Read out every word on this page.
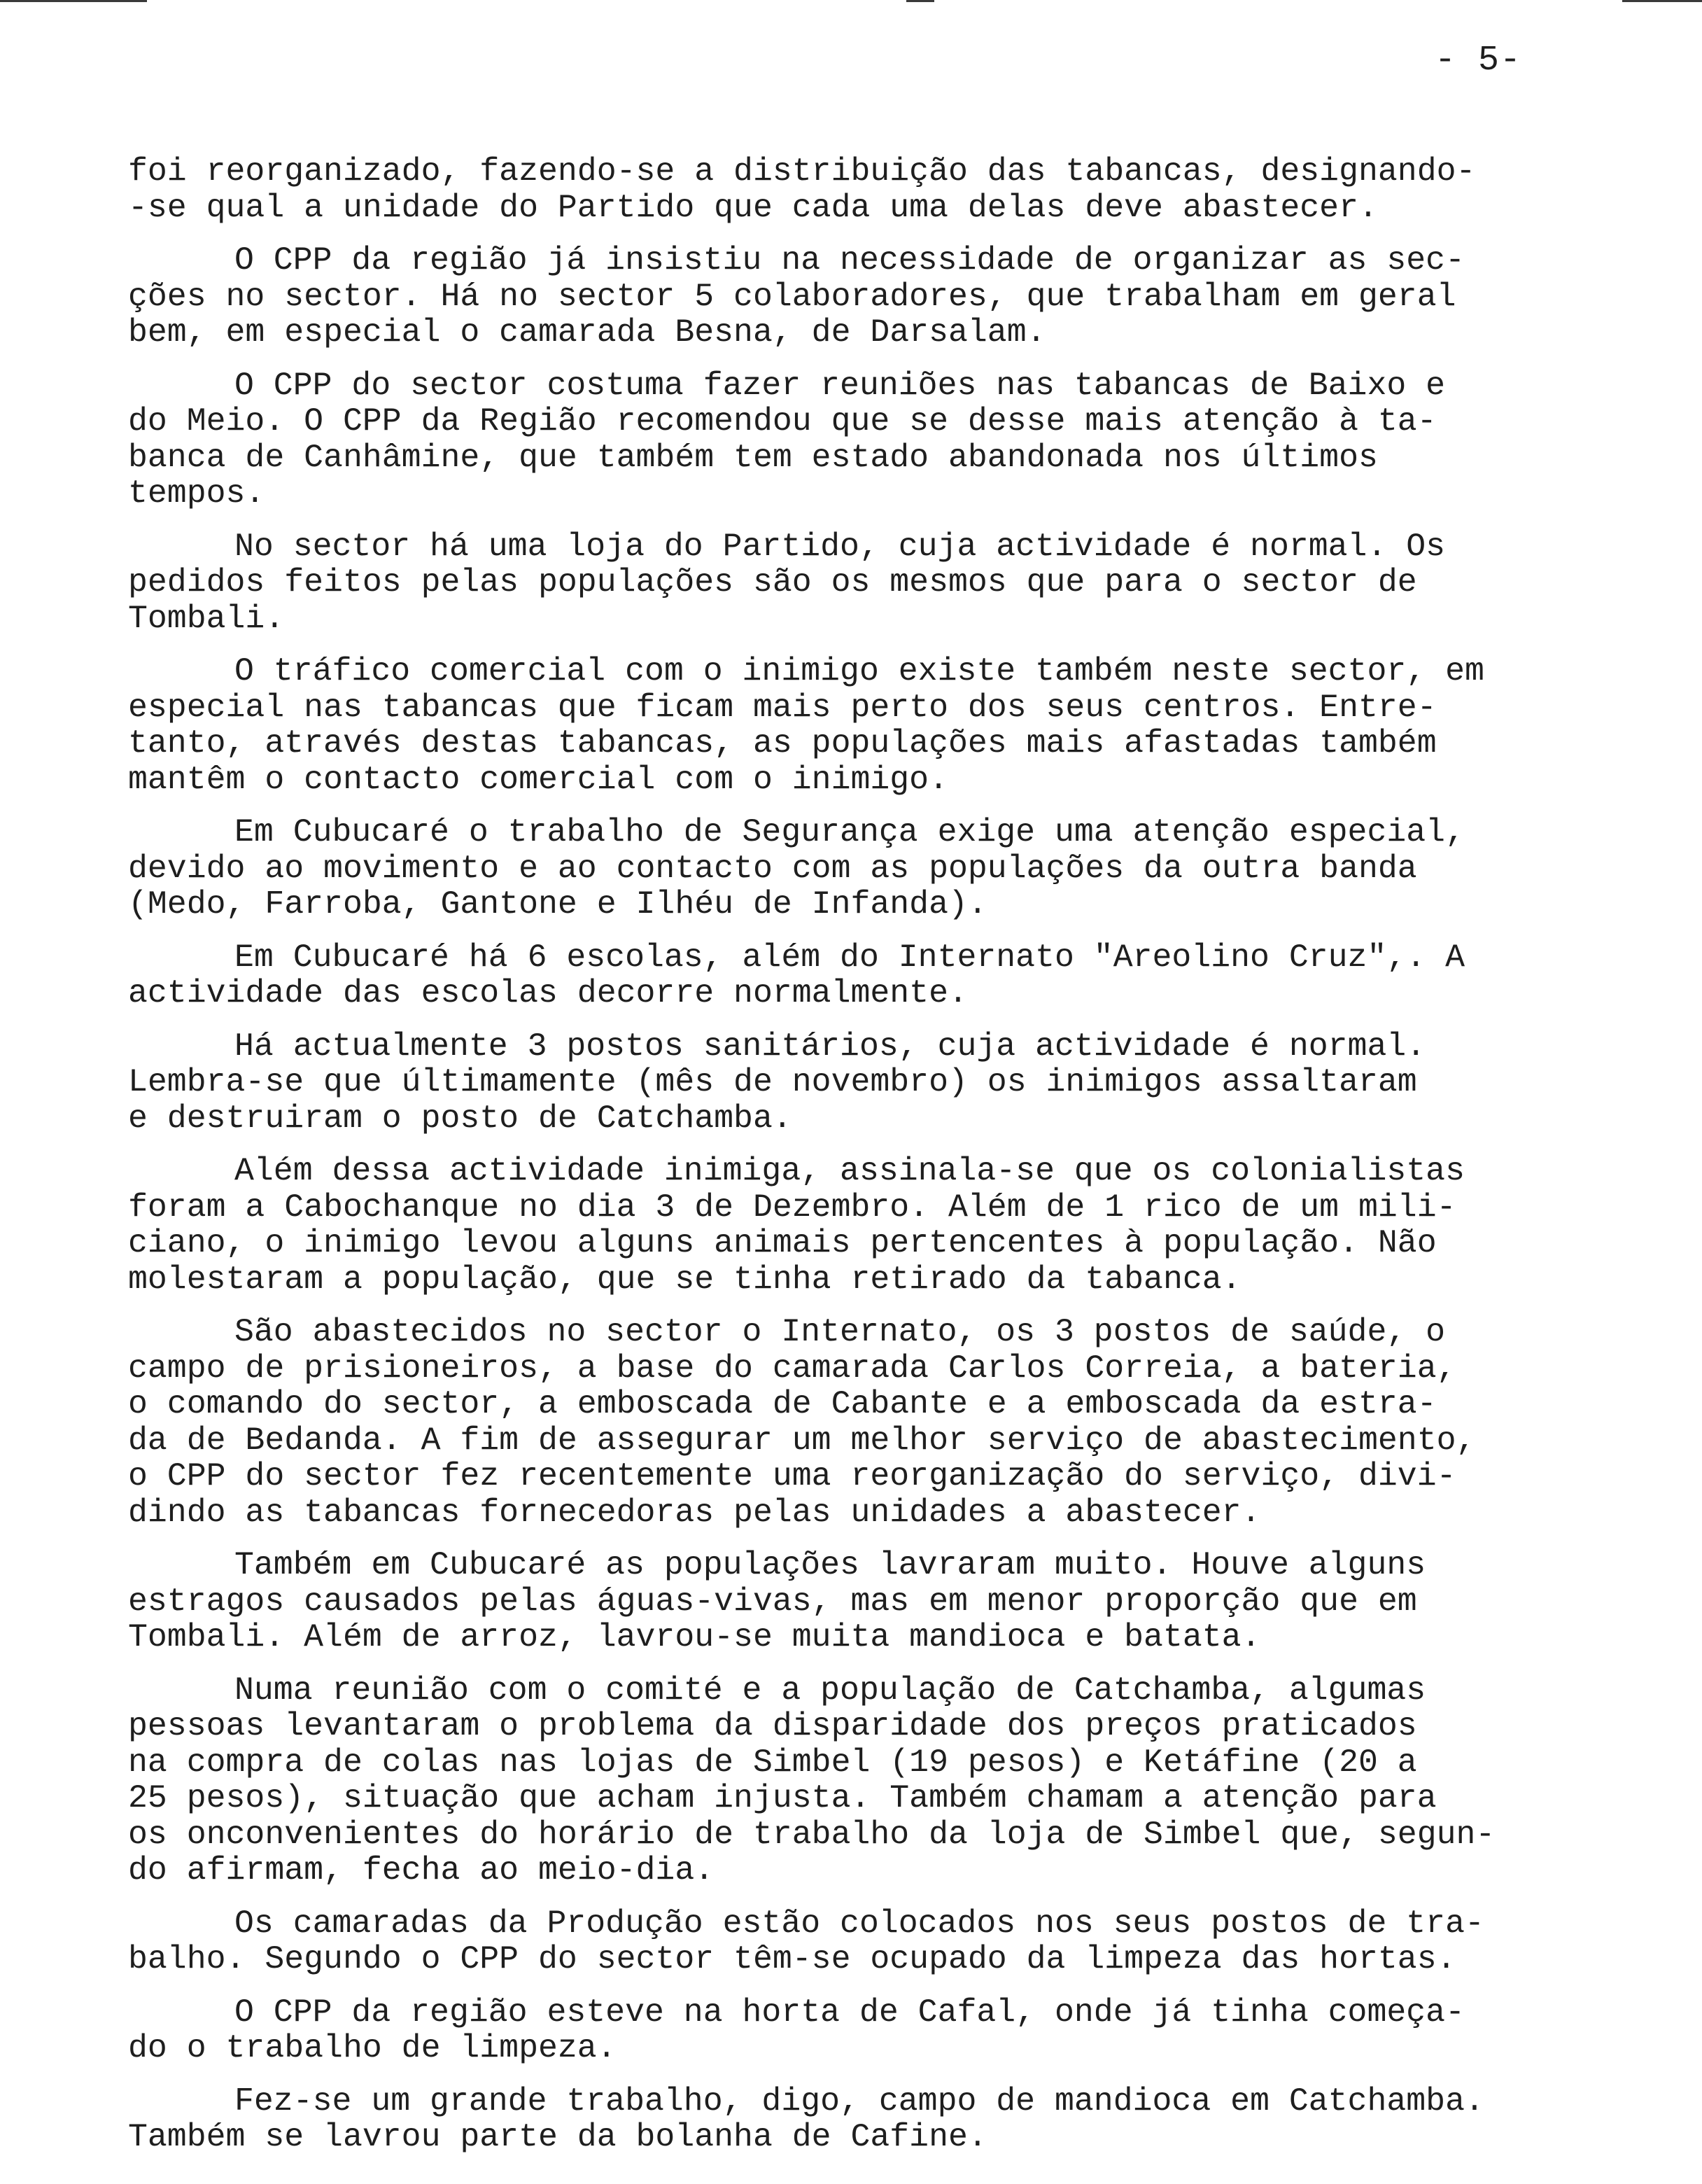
- 5-
foi reorganizado, fazendo-se a distribuição das tabancas, designando-
-se qual a unidade do Partido que cada uma delas deve abastecer.
O CPP da região já insistiu na necessidade de organizar as sec-
ções no sector. Há no sector 5 colaboradores, que trabalham em geral
bem, em especial o camarada Besna, de Darsalam.
O CPP do sector costuma fazer reuniões nas tabancas de Baixo e
do Meio. O CPP da Região recomendou que se desse mais atenção à ta-
banca de Canhâmine, que também tem estado abandonada nos últimos
tempos.
No sector há uma loja do Partido, cuja actividade é normal. Os
pedidos feitos pelas populações são os mesmos que para o sector de
Tombali.
O tráfico comercial com o inimigo existe também neste sector, em
especial nas tabancas que ficam mais perto dos seus centros. Entre-
tanto, através destas tabancas, as populações mais afastadas também
mantêm o contacto comercial com o inimigo.
Em Cubucaré o trabalho de Segurança exige uma atenção especial,
devido ao movimento e ao contacto com as populações da outra banda
(Medo, Farroba, Gantone e Ilhéu de Infanda).
Em Cubucaré há 6 escolas, além do Internato "Areolino Cruz",. A
actividade das escolas decorre normalmente.
Há actualmente 3 postos sanitários, cuja actividade é normal.
Lembra-se que últimamente (mês de novembro) os inimigos assaltaram
e destruiram o posto de Catchamba.
Além dessa actividade inimiga, assinala-se que os colonialistas
foram a Cabochanque no dia 3 de Dezembro. Além de 1 rico de um mili-
ciano, o inimigo levou alguns animais pertencentes à população. Não
molestaram a população, que se tinha retirado da tabanca.
São abastecidos no sector o Internato, os 3 postos de saúde, o
campo de prisioneiros, a base do camarada Carlos Correia, a bateria,
o comando do sector, a emboscada de Cabante e a emboscada da estra-
da de Bedanda. A fim de assegurar um melhor serviço de abastecimento,
o CPP do sector fez recentemente uma reorganização do serviço, divi-
dindo as tabancas fornecedoras pelas unidades a abastecer.
Também em Cubucaré as populações lavraram muito. Houve alguns
estragos causados pelas águas-vivas, mas em menor proporção que em
Tombali. Além de arroz, lavrou-se muita mandioca e batata.
Numa reunião com o comité e a população de Catchamba, algumas
pessoas levantaram o problema da disparidade dos preços praticados
na compra de colas nas lojas de Simbel (19 pesos) e Ketáfine (20 a
25 pesos), situação que acham injusta. Também chamam a atenção para
os onconvenientes do horário de trabalho da loja de Simbel que, segun-
do afirmam, fecha ao meio-dia.
Os camaradas da Produção estão colocados nos seus postos de tra-
balho. Segundo o CPP do sector têm-se ocupado da limpeza das hortas.
O CPP da região esteve na horta de Cafal, onde já tinha começa-
do o trabalho de limpeza.
Fez-se um grande trabalho, digo, campo de mandioca em Catchamba.
Também se lavrou parte da bolanha de Cafine.
